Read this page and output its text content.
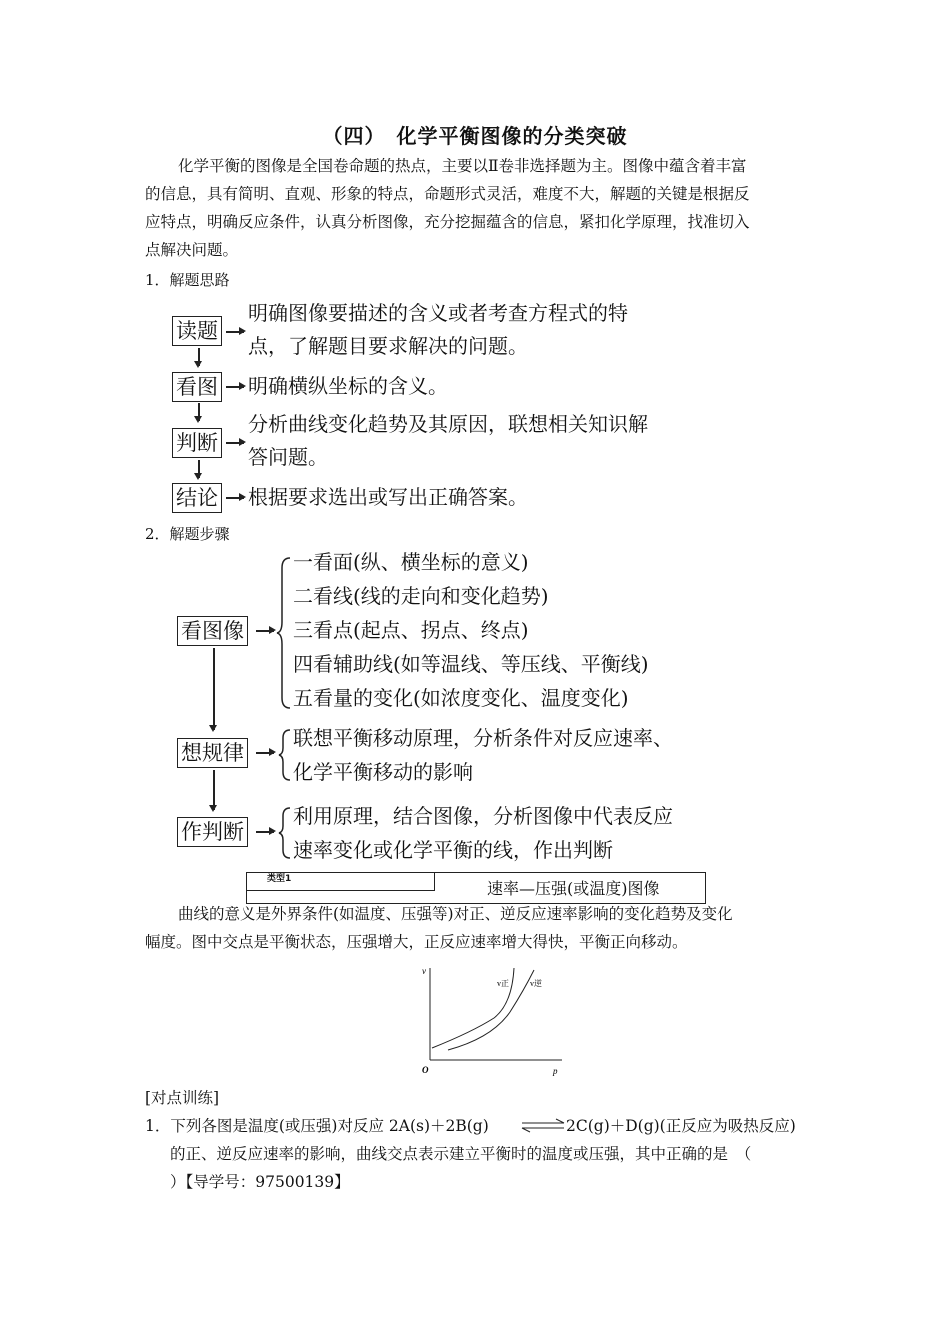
（四）　化学平衡图像的分类突破
化学平衡的图像是全国卷命题的热点，主要以Ⅱ卷非选择题为主。图像中蕴含着丰富
的信息，具有简明、直观、形象的特点，命题形式灵活，难度不大，解题的关键是根据反
应特点，明确反应条件，认真分析图像，充分挖掘蕴含的信息，紧扣化学原理，找准切入
点解决问题。
1．解题思路
读题
明确图像要描述的含义或者考查方程式的特
点，了解题目要求解决的问题。
看图 明确横纵坐标的含义。
判断
分析曲线变化趋势及其原因，联想相关知识解
答问题。
结论 根据要求选出或写出正确答案。
2．解题步骤
看图像
一看面(纵、横坐标的意义)
二看线(线的走向和变化趋势)
三看点(起点、拐点、终点)
四看辅助线(如等温线、等压线、平衡线)
五看量的变化(如浓度变化、温度变化)
想规律
联想平衡移动原理，分析条件对反应速率、
化学平衡移动的影响
作判断
利用原理，结合图像，分析图像中代表反应
速率变化或化学平衡的线，作出判断
类型1	速率—压强(或温度)图像
曲线的意义是外界条件(如温度、压强等)对正、逆反应速率影响的变化趋势及变化
幅度。图中交点是平衡状态，压强增大，正反应速率增大得快，平衡正向移动。
v
p
O
v正	v逆
[对点训练]
1．下列各图是温度(或压强)对反应 2A(s)＋2B(g) ⇌ 2C(g)＋D(g)(正反应为吸热反应)
的正、逆反应速率的影响，曲线交点表示建立平衡时的温度或压强，其中正确的是　（
）【导学号：97500139】
